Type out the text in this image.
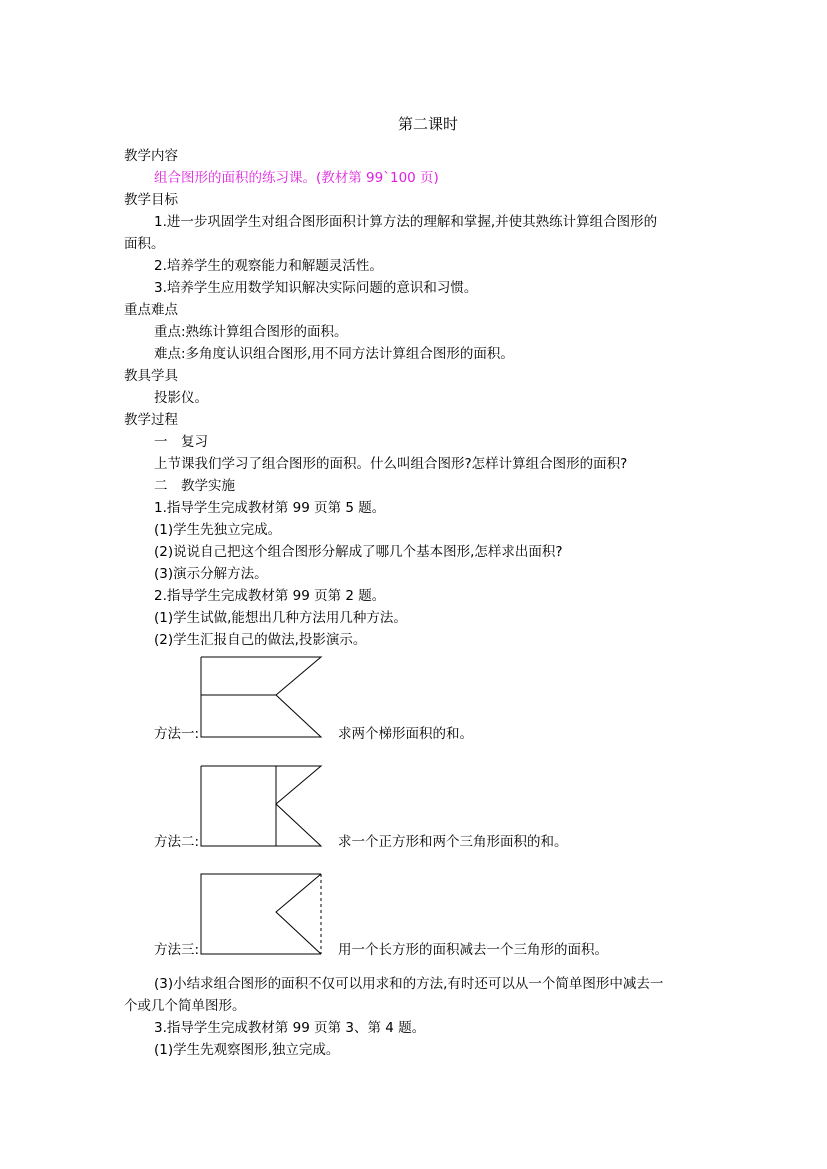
第二课时
教学内容
组合图形的面积的练习课。(教材第 99`100 页)
教学目标
1.进一步巩固学生对组合图形面积计算方法的理解和掌握,并使其熟练计算组合图形的
面积。
2.培养学生的观察能力和解题灵活性。
3.培养学生应用数学知识解决实际问题的意识和习惯。
重点难点
重点:熟练计算组合图形的面积。
难点:多角度认识组合图形,用不同方法计算组合图形的面积。
教具学具
投影仪。
教学过程
一　复习
上节课我们学习了组合图形的面积。什么叫组合图形?怎样计算组合图形的面积?
二　教学实施
1.指导学生完成教材第 99 页第 5 题。
(1)学生先独立完成。
(2)说说自己把这个组合图形分解成了哪几个基本图形,怎样求出面积?
(3)演示分解方法。
2.指导学生完成教材第 99 页第 2 题。
(1)学生试做,能想出几种方法用几种方法。
(2)学生汇报自己的做法,投影演示。
方法一:	求两个梯形面积的和。
方法二:	求一个正方形和两个三角形面积的和。
方法三:	用一个长方形的面积减去一个三角形的面积。
(3)小结求组合图形的面积不仅可以用求和的方法,有时还可以从一个简单图形中减去一
个或几个简单图形。
3.指导学生完成教材第 99 页第 3、第 4 题。
(1)学生先观察图形,独立完成。
